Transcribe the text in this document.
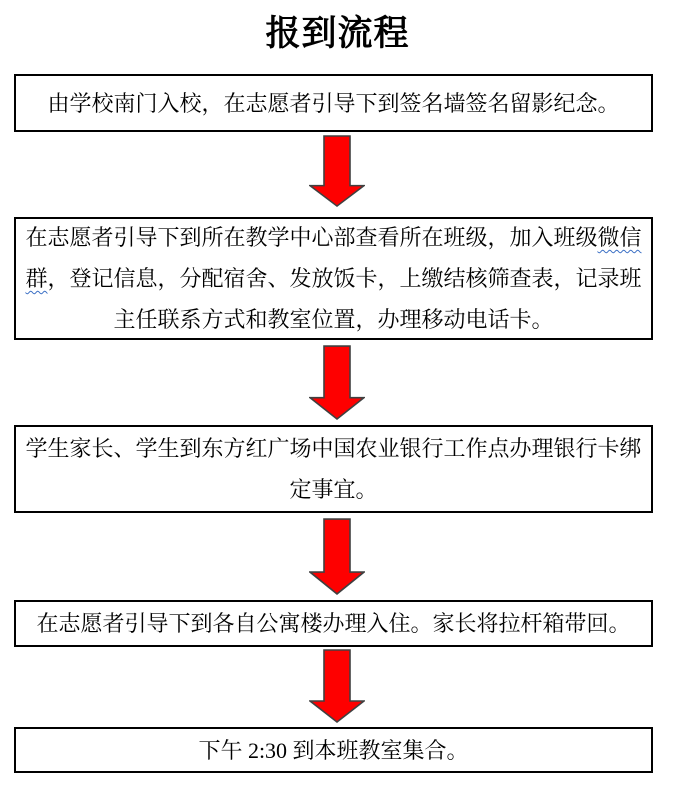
报到流程
由学校南门入校，在志愿者引导下到签名墙签名留影纪念。
在志愿者引导下到所在教学中心部查看所在班级，加入班级微信群，登记信息，分配宿舍、发放饭卡，上缴结核筛查表，记录班主任联系方式和教室位置，办理移动电话卡。
学生家长、学生到东方红广场中国农业银行工作点办理银行卡绑定事宜。
在志愿者引导下到各自公寓楼办理入住。家长将拉杆箱带回。
下午 2:30 到本班教室集合。
